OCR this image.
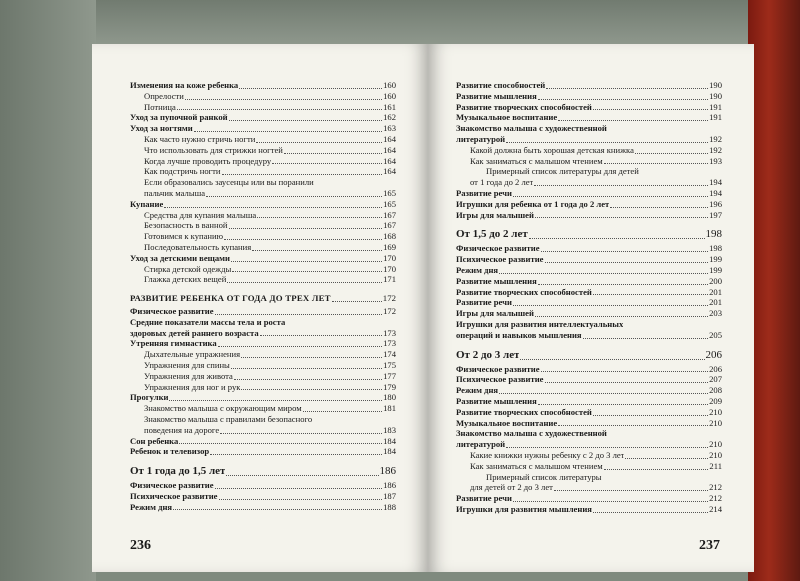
Изменения на коже ребенка	160
Опрелости	160
Потница	161
Уход за пупочной ранкой	162
Уход за ногтями	163
Как часто нужно стричь ногти	164
Что использовать для стрижки ногтей	164
Когда лучше проводить процедуру	164
Как подстричь ногти	164
Если образовались заусенцы или вы поранили
пальчик малыша	165
Купание	165
Средства для купания малыша	167
Безопасность в ванной	167
Готовимся к купанию	168
Последовательность купания	169
Уход за детскими вещами	170
Стирка детской одежды	170
Глажка детских вещей	171
РАЗВИТИЕ РЕБЕНКА ОТ ГОДА ДО ТРЕХ ЛЕТ	172
Физическое развитие	172
Средние показатели массы тела и роста
здоровых детей раннего возраста	173
Утренняя гимнастика	173
Дыхательные упражнения	174
Упражнения для спины	175
Упражнения для живота	177
Упражнения для ног и рук	179
Прогулки	180
Знакомство малыша с окружающим миром	181
Знакомство малыша с правилами безопасного
поведения на дороге	183
Сон ребенка	184
Ребенок и телевизор	184
От 1 года до 1,5 лет	186
Физическое развитие	186
Психическое развитие	187
Режим дня	188
236
Развитие способностей	190
Развитие мышления	190
Развитие творческих способностей	191
Музыкальное воспитание	191
Знакомство малыша с художественной
литературой	192
Какой должна быть хорошая детская книжка	192
Как заниматься с малышом чтением	193
Примерный список литературы для детей
от 1 года до 2 лет	194
Развитие речи	194
Игрушки для ребенка от 1 года до 2 лет	196
Игры для малышей	197
От 1,5 до 2 лет	198
Физическое развитие	198
Психическое развитие	199
Режим дня	199
Развитие мышления	200
Развитие творческих способностей	201
Развитие речи	201
Игры для малышей	203
Игрушки для развития интеллектуальных
операций и навыков мышления	205
От 2 до 3 лет	206
Физическое развитие	206
Психическое развитие	207
Режим дня	208
Развитие мышления	209
Развитие творческих способностей	210
Музыкальное воспитание	210
Знакомство малыша с художественной
литературой	210
Какие книжки нужны ребенку с 2 до 3 лет	210
Как заниматься с малышом чтением	211
Примерный список литературы
для детей от 2 до 3 лет	212
Развитие речи	212
Игрушки для развития мышления	214
237
